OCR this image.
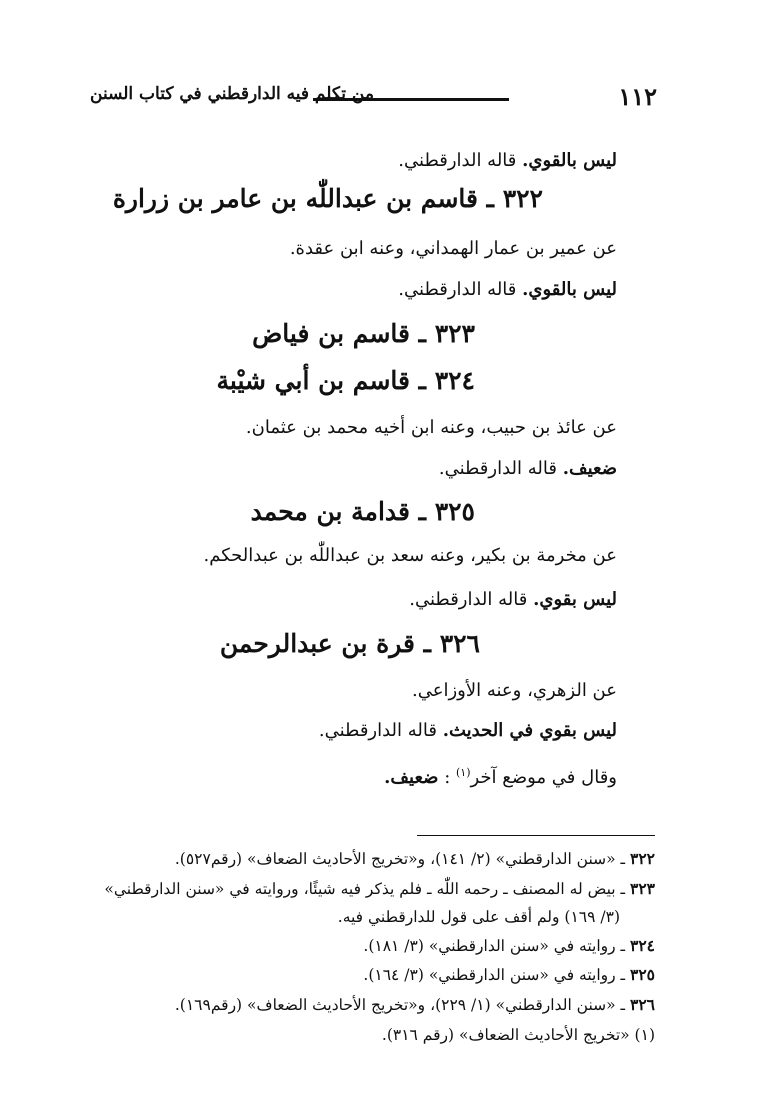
١١٢
من تكلم فيه الدارقطني في كتاب السنن
ليس بالقوي. قاله الدارقطني.
٣٢٢ ـ قاسم بن عبداللّٰه بن عامر بن زرارة
عن عمير بن عمار الهمداني، وعنه ابن عقدة.
ليس بالقوي. قاله الدارقطني.
٣٢٣ ـ قاسم بن فياض
٣٢٤ ـ قاسم بن أبي شيْبة
عن عائذ بن حبيب، وعنه ابن أخيه محمد بن عثمان.
ضعيف. قاله الدارقطني.
٣٢٥ ـ قدامة بن محمد
عن مخرمة بن بكير، وعنه سعد بن عبداللّٰه بن عبدالحكم.
ليس بقوي. قاله الدارقطني.
٣٢٦ ـ قرة بن عبدالرحمن
عن الزهري، وعنه الأوزاعي.
ليس بقوي في الحديث. قاله الدارقطني.
وقال في موضع آخر$^{(١)}$ : ضعيف.
٣٢٢ ـ «سنن الدارقطني» (٢/ ١٤١)، و«تخريج الأحاديث الضعاف» (رقم٥٢٧).
٣٢٣ ـ بيض له المصنف ـ رحمه اللّٰه ـ فلم يذكر فيه شيئًا، وروايته في «سنن الدارقطني»
(٣/ ١٦٩) ولم أقف على قول للدارقطني فيه.
٣٢٤ ـ روايته في «سنن الدارقطني» (٣/ ١٨١).
٣٢٥ ـ روايته في «سنن الدارقطني» (٣/ ١٦٤).
٣٢٦ ـ «سنن الدارقطني» (١/ ٢٢٩)، و«تخريج الأحاديث الضعاف» (رقم١٦٩).
(١) «تخريج الأحاديث الضعاف» (رقم ٣١٦).
